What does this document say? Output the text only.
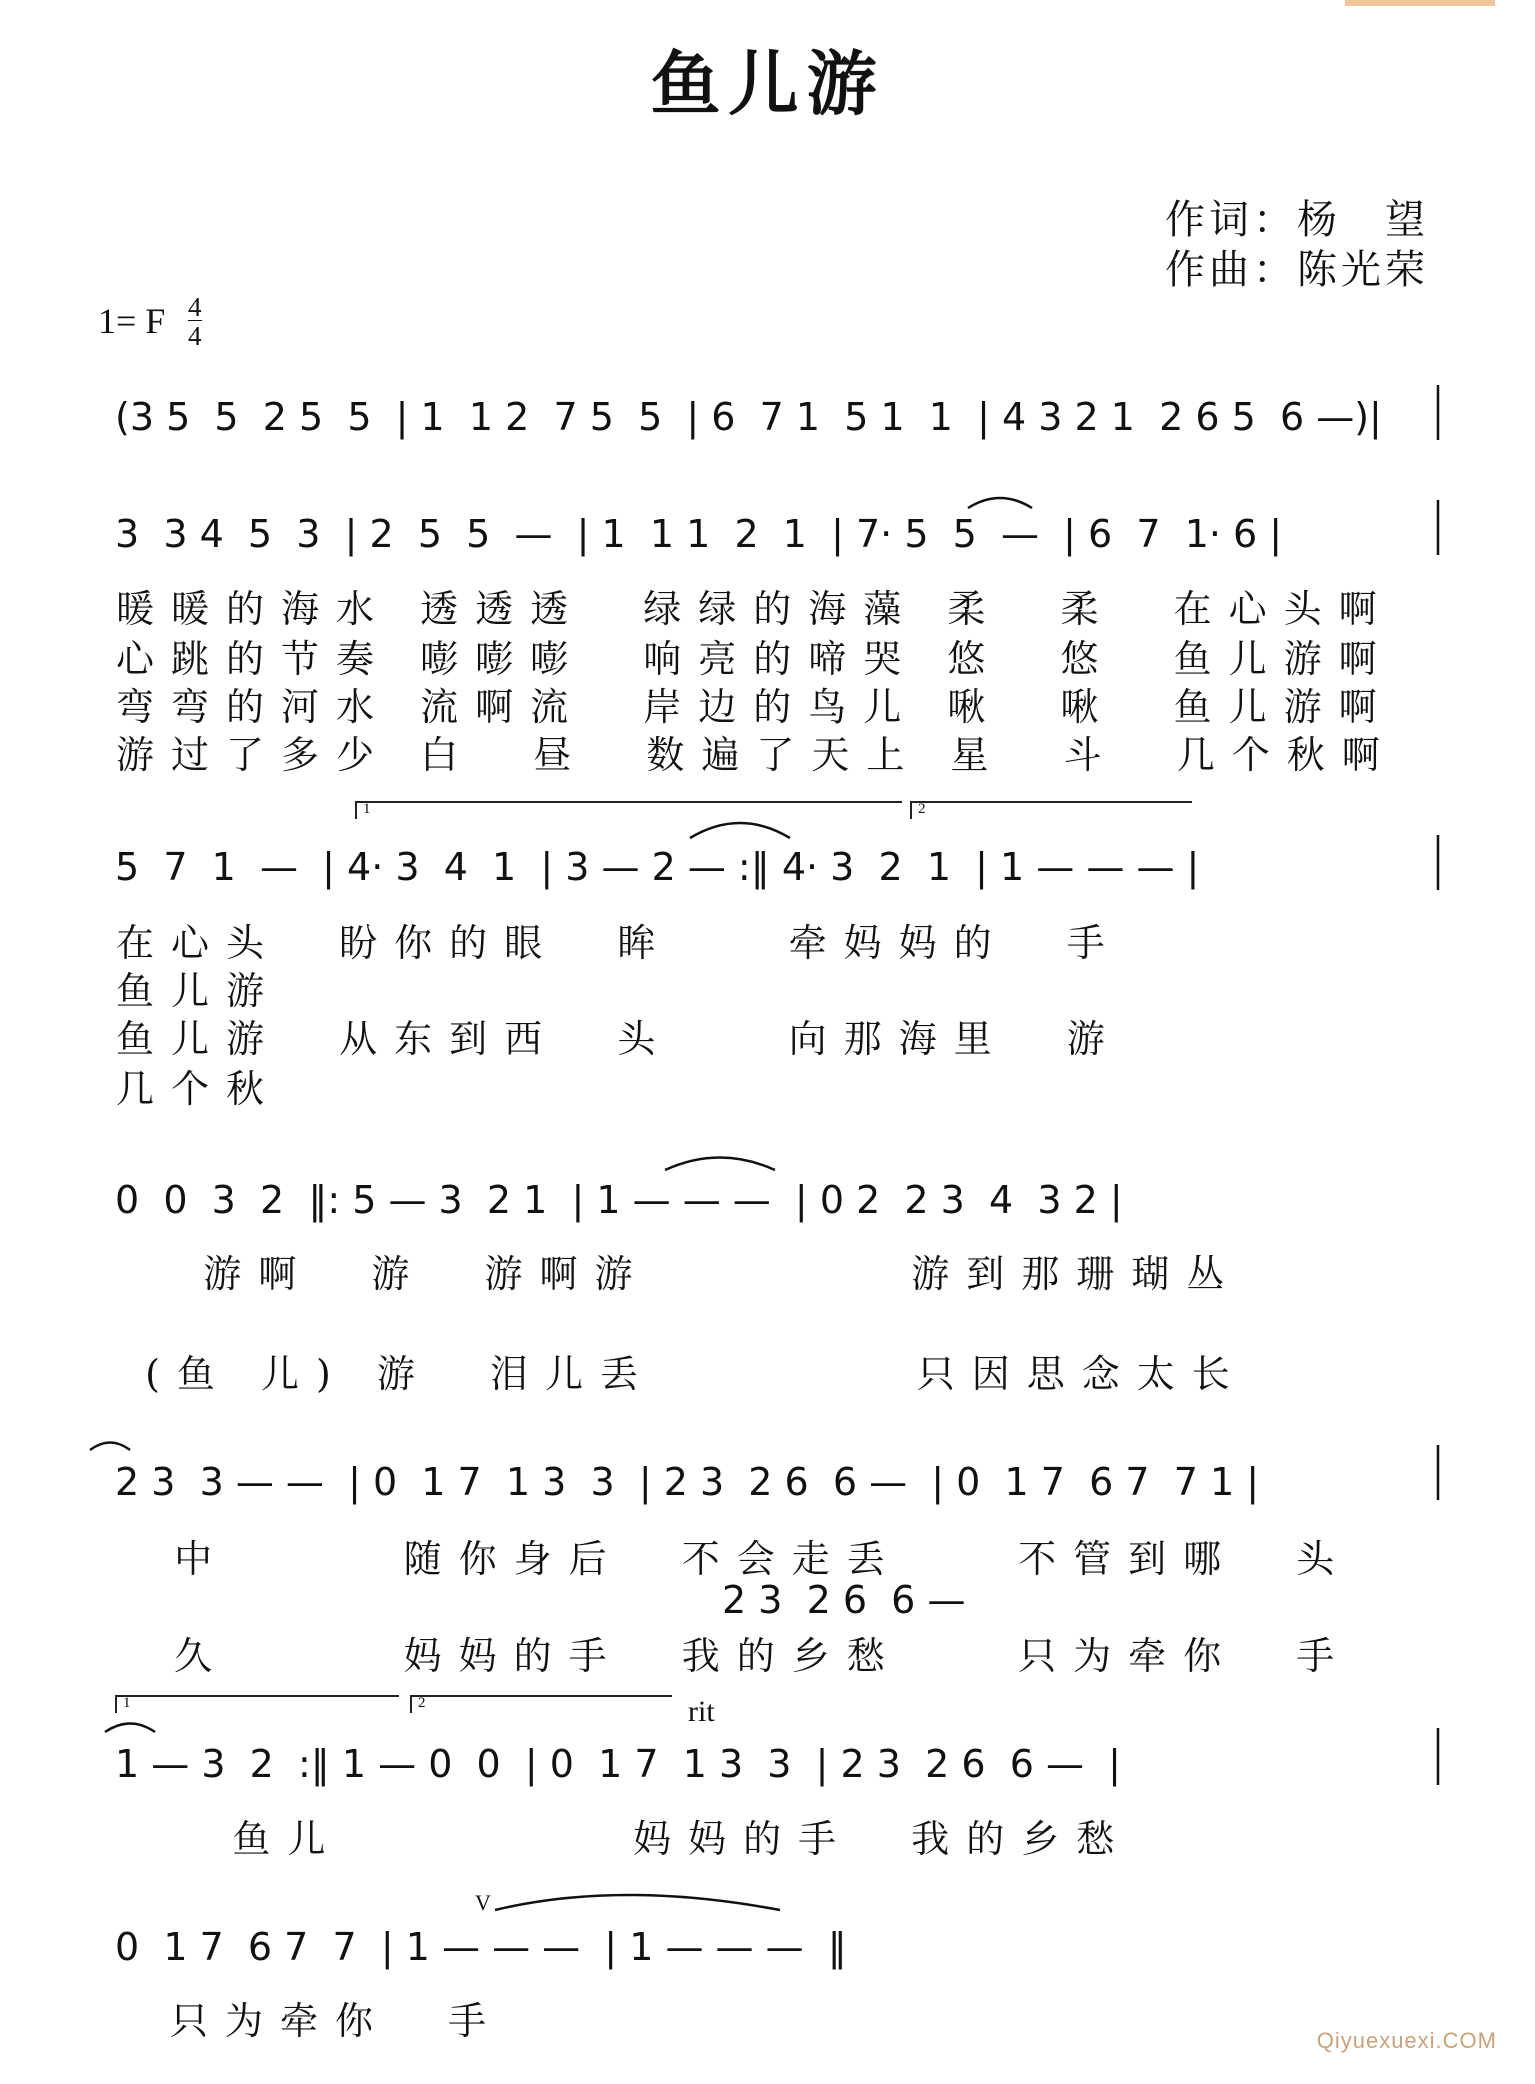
鱼儿游
作词：杨　望
作曲：陈光荣
1= F 4
4
(3 5  5  2 5  5  | 1  1 2  7 5  5  | 6  7 1  5 1  1  | 4 3 2 1  2 6 5  6 —)|
3  3 4  5  3  | 2  5  5  —  | 1  1 1  2  1  | 7· 5  5  —  | 6  7  1· 6 |
暖暖的海水 透透透  绿绿的海藻 柔  柔  在心头啊
心跳的节奏 嘭嘭嘭  响亮的啼哭 悠  悠  鱼儿游啊
弯弯的河水 流啊流  岸边的鸟儿 啾  啾  鱼儿游啊
游过了多少 白  昼  数遍了天上 星  斗  几个秋啊
1	2
5  7  1  —  | 4· 3  4  1  | 3 — 2 — :‖ 4· 3  2  1  | 1 — — — |
在心头  盼你的眼  眸    牵妈妈的  手
鱼儿游
鱼儿游  从东到西  头    向那海里  游
几个秋
0  0  3  2  ‖: 5 — 3  2 1  | 1 — — —  | 0 2  2 3  4  3 2 |
游啊  游  游啊游         游到那珊瑚丛
(鱼 儿) 游  泪儿丢         只因思念太长
2 3  3 — —  | 0  1 7  1 3  3  | 2 3  2 6  6 —  | 0  1 7  6 7  7 1 |
中      随你身后  不会走丢    不管到哪  头
2 3  2 6  6 —
久      妈妈的手  我的乡愁    只为牵你  手
1	2	rit
1 — 3  2  :‖ 1 — 0  0  | 0  1 7  1 3  3  | 2 3  2 6  6 —  |
鱼儿          妈妈的手  我的乡愁
V
0  1 7  6 7  7  | 1 — — —  | 1 — — —  ‖
只为牵你  手	Qiyuexuexi.COM
